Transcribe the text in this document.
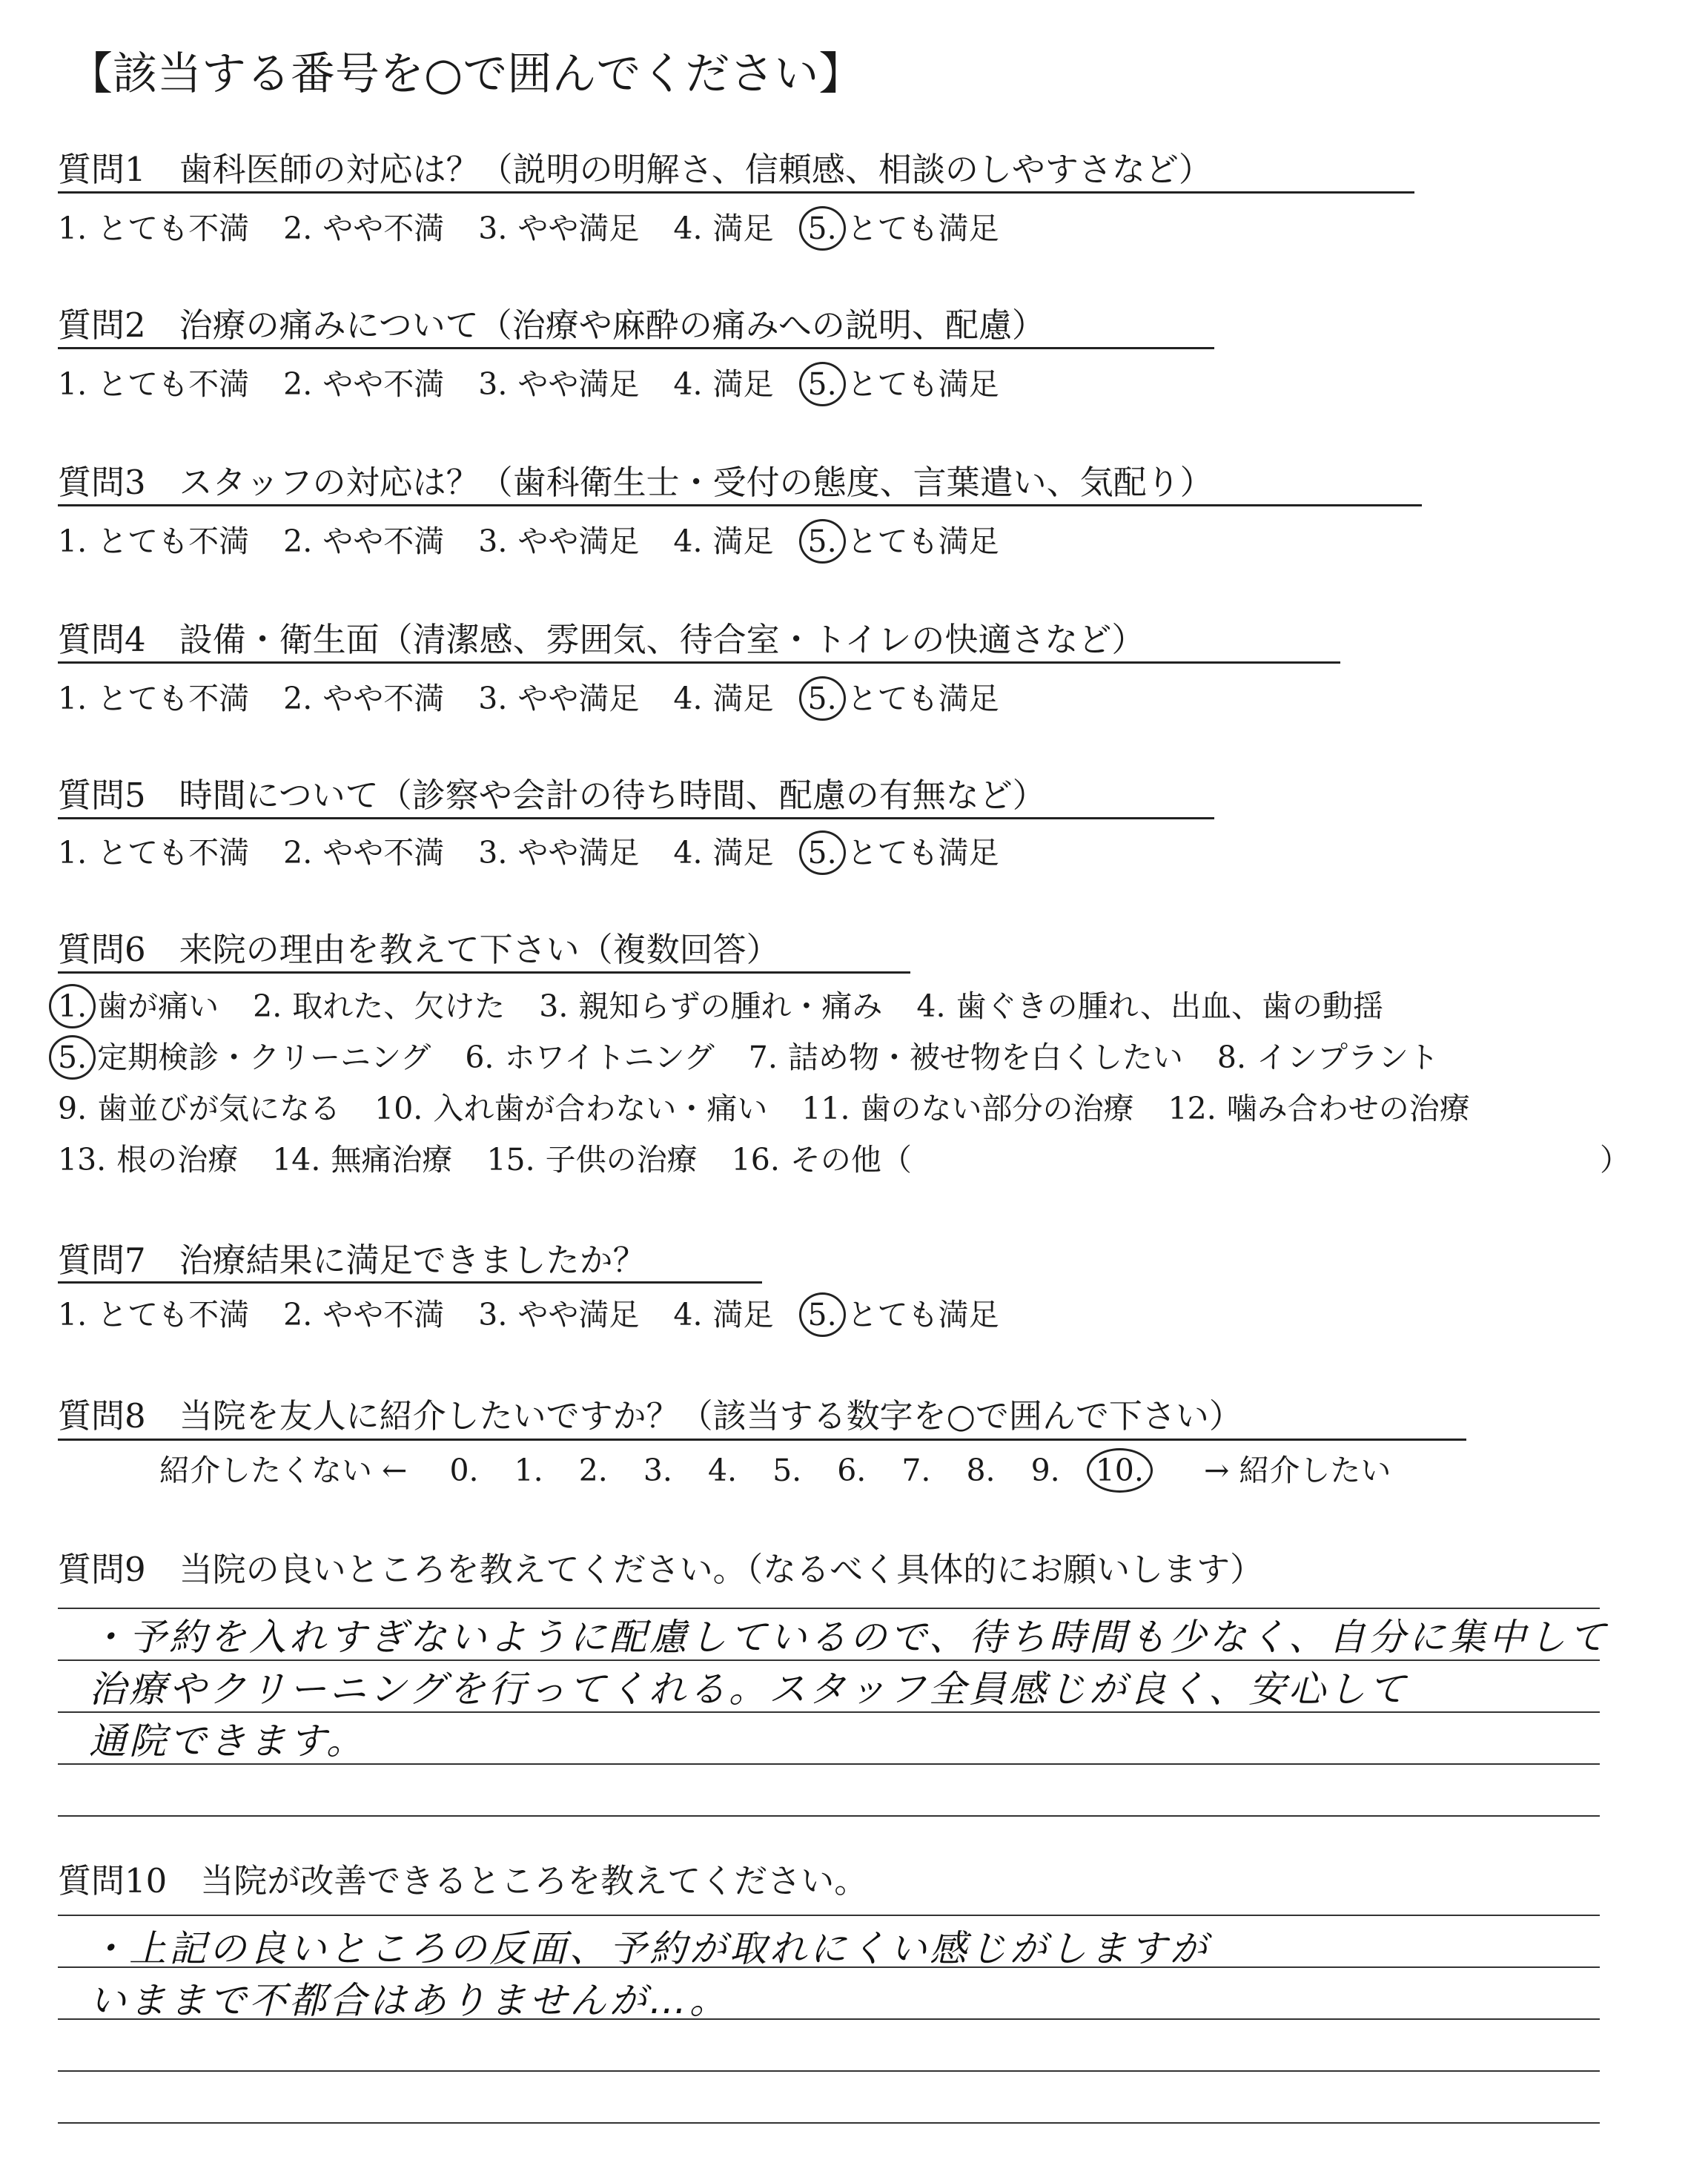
【該当する番号を○で囲んでください】
質問1　歯科医師の対応は？（説明の明解さ、信頼感、相談のしやすさなど）
1. とても不満 2. やや不満 3. やや満足 4. 満足 5. とても満足
質問2　治療の痛みについて（治療や麻酔の痛みへの説明、配慮）
1. とても不満 2. やや不満 3. やや満足 4. 満足 5. とても満足
質問3　スタッフの対応は？（歯科衛生士・受付の態度、言葉遣い、気配り）
1. とても不満 2. やや不満 3. やや満足 4. 満足 5. とても満足
質問4　設備・衛生面（清潔感、雰囲気、待合室・トイレの快適さなど）
1. とても不満 2. やや不満 3. やや満足 4. 満足 5. とても満足
質問5　時間について（診察や会計の待ち時間、配慮の有無など）
1. とても不満 2. やや不満 3. やや満足 4. 満足 5. とても満足
質問6　来院の理由を教えて下さい（複数回答）
1. 歯が痛い 2. 取れた、欠けた 3. 親知らずの腫れ・痛み 4. 歯ぐきの腫れ、出血、歯の動揺
5. 定期検診・クリーニング 6. ホワイトニング 7. 詰め物・被せ物を白くしたい 8. インプラント
9. 歯並びが気になる 10. 入れ歯が合わない・痛い 11. 歯のない部分の治療 12. 噛み合わせの治療
13. 根の治療 14. 無痛治療 15. 子供の治療 16. その他（	）
質問7　治療結果に満足できましたか？
1. とても不満 2. やや不満 3. やや満足 4. 満足 5. とても満足
質問8　当院を友人に紹介したいですか？（該当する数字を○で囲んで下さい）
紹介したくない ← 0. 1. 2. 3. 4. 5. 6. 7. 8. 9. 10. → 紹介したい
質問9　当院の良いところを教えてください。（なるべく具体的にお願いします）
・予約を入れすぎないように配慮しているので、待ち時間も少なく、自分に集中して
治療やクリーニングを行ってくれる。スタッフ全員感じが良く、安心して
通院できます。
質問10　当院が改善できるところを教えてください。
・上記の良いところの反面、予約が取れにくい感じがしますが
いままで不都合はありませんが…。
